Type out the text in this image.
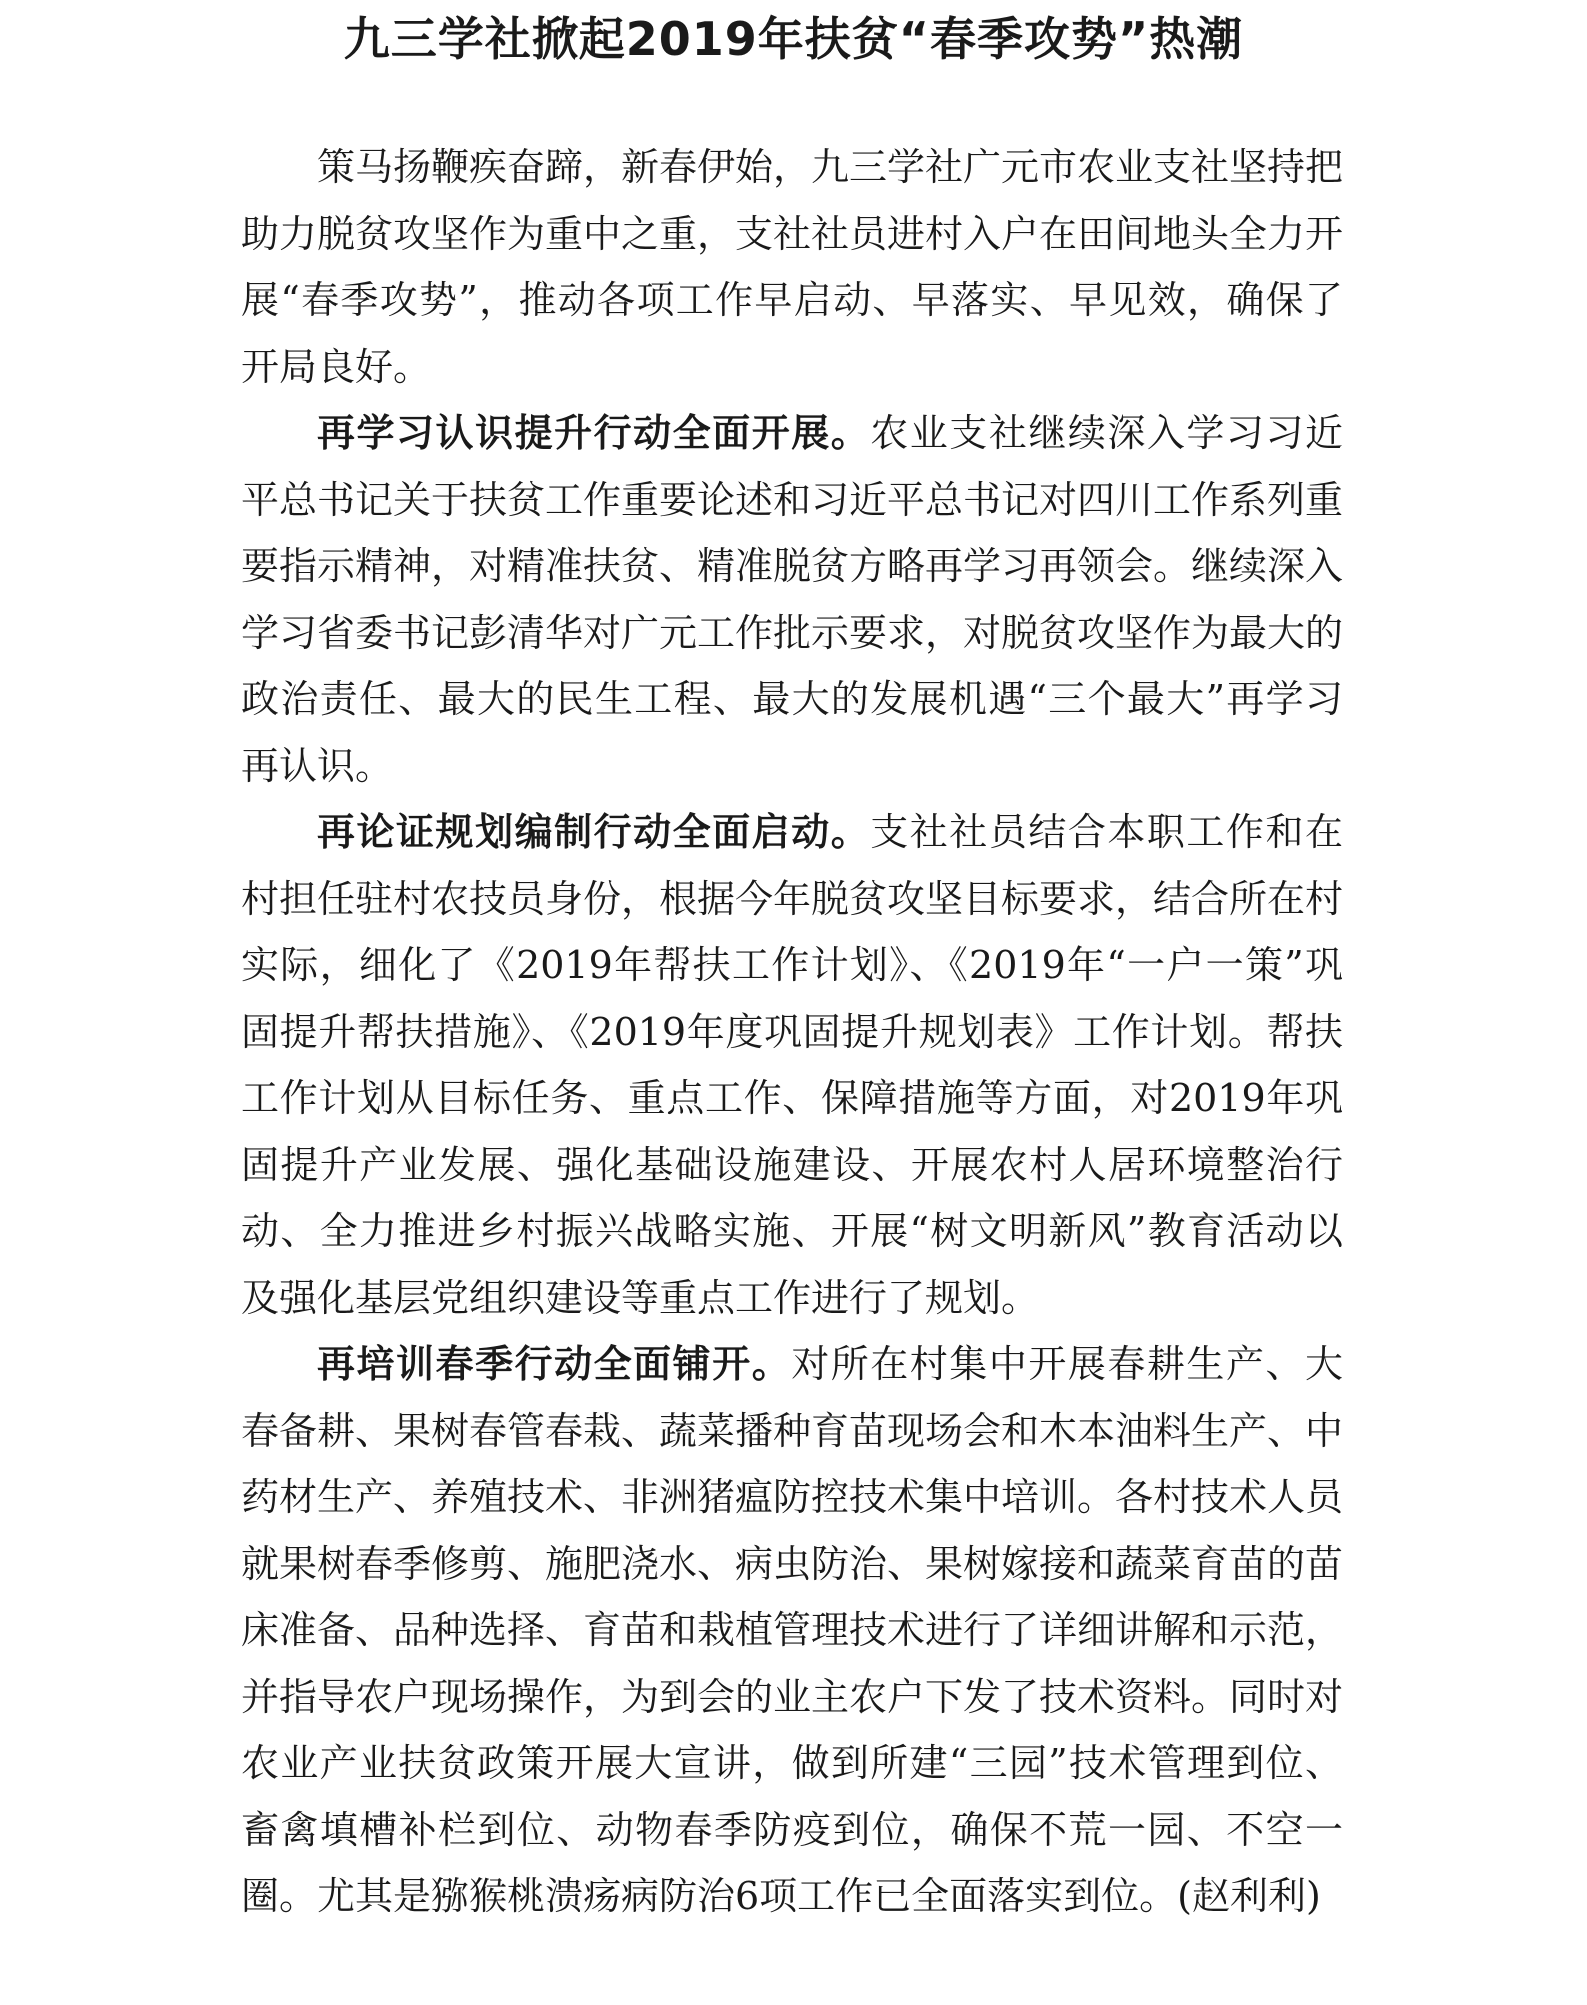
九三学社掀起2019年扶贫“春季攻势”热潮

策马扬鞭疾奋蹄，新春伊始，九三学社广元市农业支社坚持把助力脱贫攻坚作为重中之重，支社社员进村入户在田间地头全力开展“春季攻势”，推动各项工作早启动、早落实、早见效，确保了开局良好。

再学习认识提升行动全面开展。农业支社继续深入学习习近平总书记关于扶贫工作重要论述和习近平总书记对四川工作系列重要指示精神，对精准扶贫、精准脱贫方略再学习再领会。继续深入学习省委书记彭清华对广元工作批示要求，对脱贫攻坚作为最大的政治责任、最大的民生工程、最大的发展机遇“三个最大”再学习再认识。

再论证规划编制行动全面启动。支社社员结合本职工作和在村担任驻村农技员身份，根据今年脱贫攻坚目标要求，结合所在村实际，细化了《2019年帮扶工作计划》、《2019年“一户一策”巩固提升帮扶措施》、《2019年度巩固提升规划表》工作计划。帮扶工作计划从目标任务、重点工作、保障措施等方面，对2019年巩固提升产业发展、强化基础设施建设、开展农村人居环境整治行动、全力推进乡村振兴战略实施、开展“树文明新风”教育活动以及强化基层党组织建设等重点工作进行了规划。

再培训春季行动全面铺开。对所在村集中开展春耕生产、大春备耕、果树春管春栽、蔬菜播种育苗现场会和木本油料生产、中药材生产、养殖技术、非洲猪瘟防控技术集中培训。各村技术人员就果树春季修剪、施肥浇水、病虫防治、果树嫁接和蔬菜育苗的苗床准备、品种选择、育苗和栽植管理技术进行了详细讲解和示范，并指导农户现场操作，为到会的业主农户下发了技术资料。同时对农业产业扶贫政策开展大宣讲，做到所建“三园”技术管理到位、畜禽填槽补栏到位、动物春季防疫到位，确保不荒一园、不空一圈。尤其是猕猴桃溃疡病防治6项工作已全面落实到位。(赵利利)
